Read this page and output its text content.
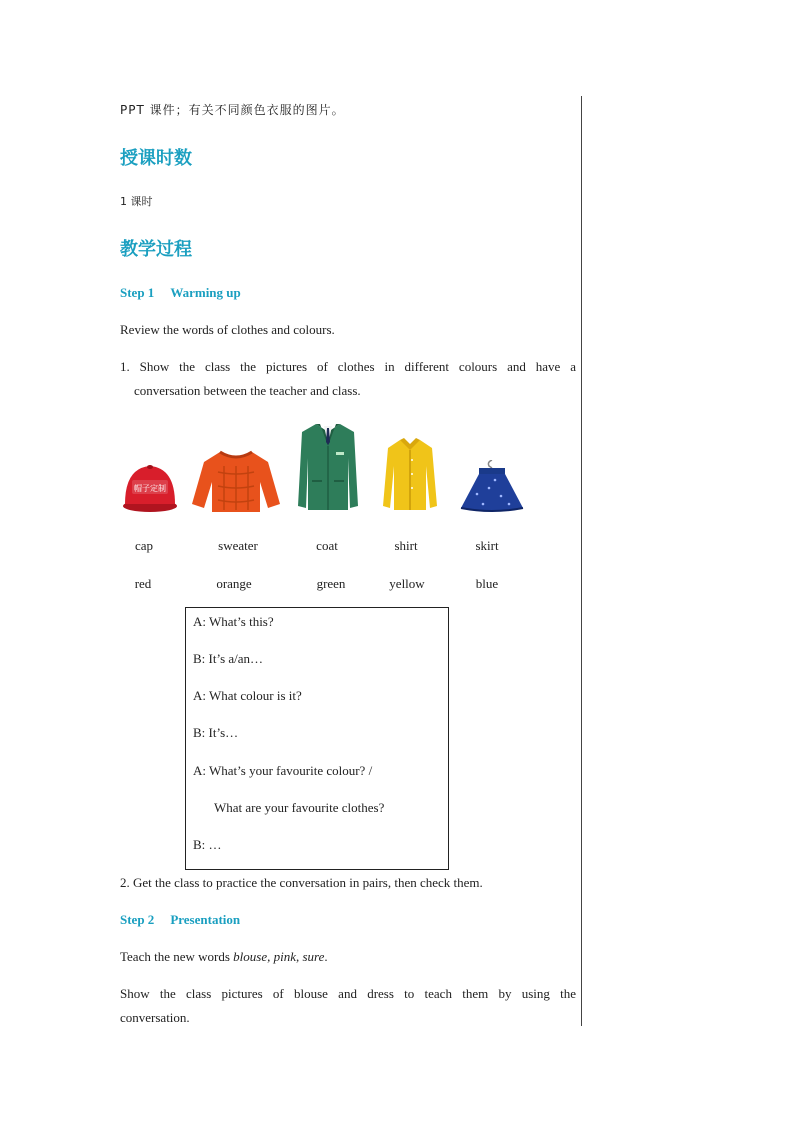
PPT 课件；有关不同颜色衣服的图片。
授课时数
1 课时
教学过程
Step 1 Warming up
Review the words of clothes and colours.
1. Show the class the pictures of clothes in different colours and have a
conversation between the teacher and class.
帽子定制
cap	sweater	coat	shirt	skirt
red	orange	green	yellow	blue
A: What’s this?
B: It’s a/an…
A: What colour is it?
B: It’s…
A: What’s your favourite colour? /
What are your favourite clothes?
B: …
2. Get the class to practice the conversation in pairs, then check them.
Step 2 Presentation
Teach the new words blouse, pink, sure.
Show the class pictures of blouse and dress to teach them by using the
conversation.
